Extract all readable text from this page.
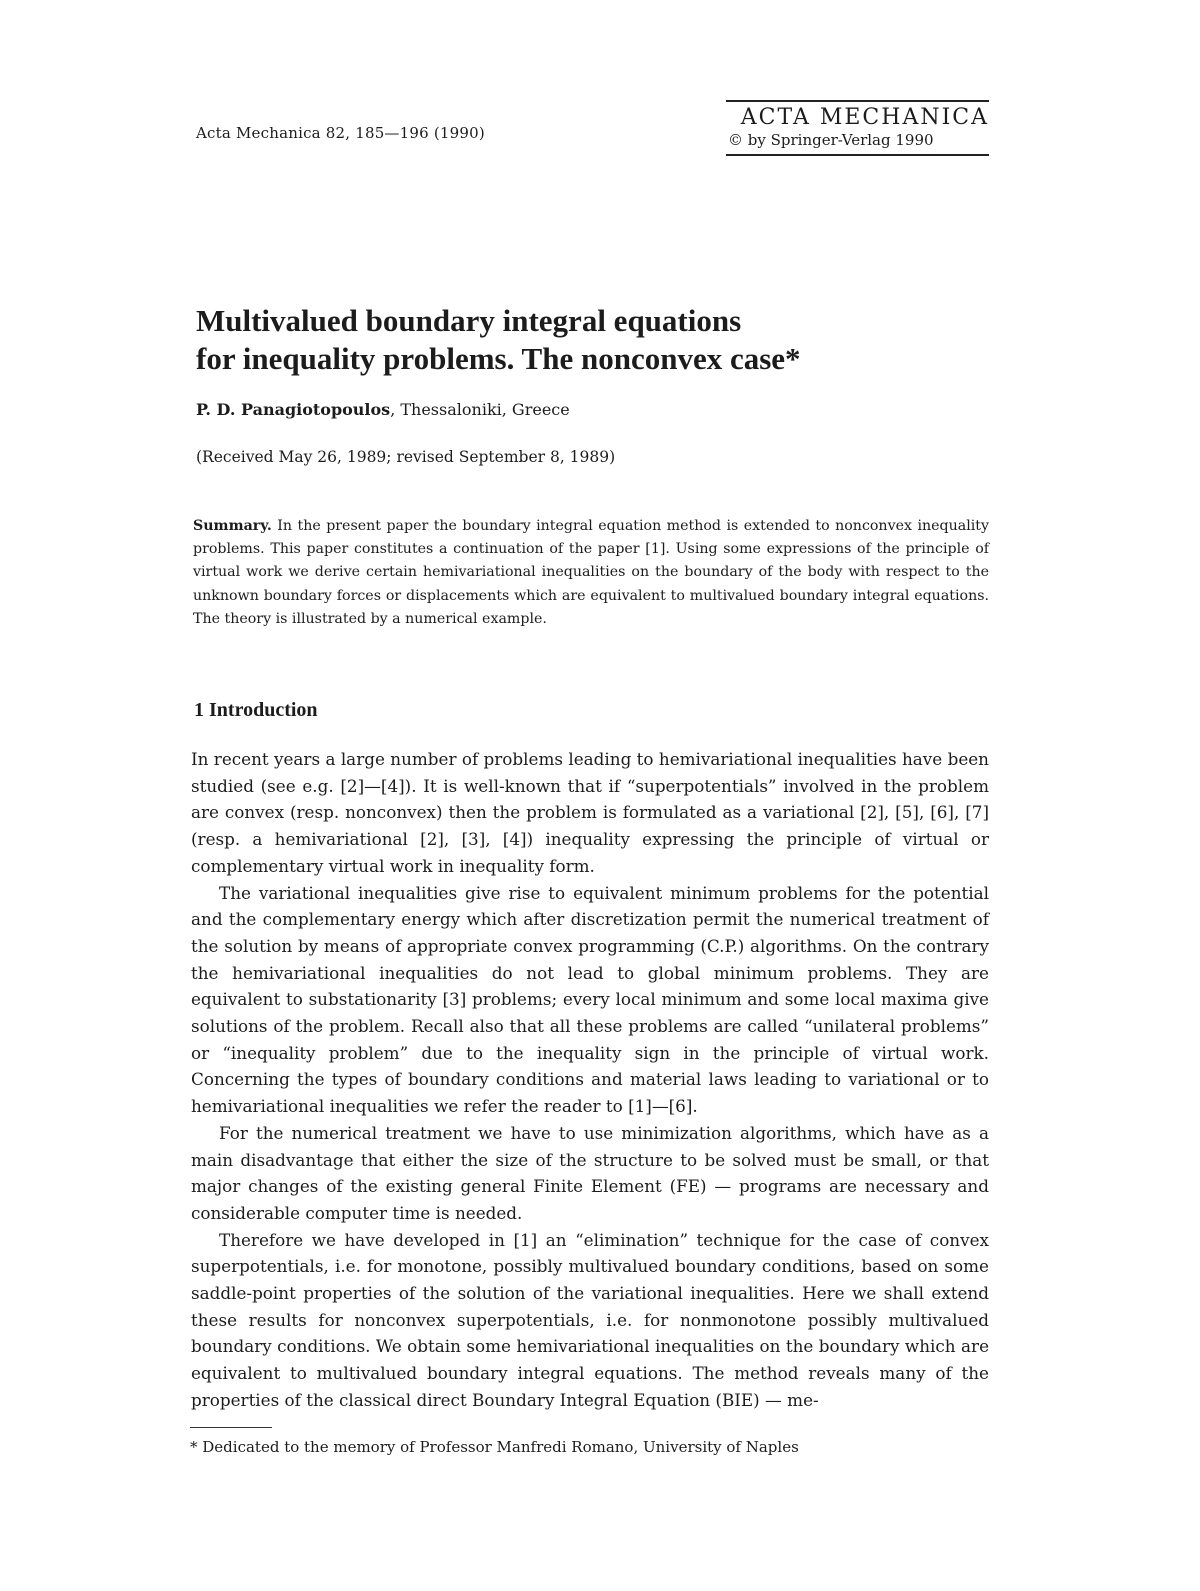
Acta Mechanica 82, 185—196 (1990)
ACTA MECHANICA
© by Springer-Verlag 1990
Multivalued boundary integral equations
for inequality problems. The nonconvex case*
P. D. Panagiotopoulos, Thessaloniki, Greece
(Received May 26, 1989; revised September 8, 1989)
Summary. In the present paper the boundary integral equation method is extended to nonconvex inequality problems. This paper constitutes a continuation of the paper [1]. Using some expressions of the principle of virtual work we derive certain hemivariational inequalities on the boundary of the body with respect to the unknown boundary forces or displacements which are equivalent to multivalued boundary integral equations. The theory is illustrated by a numerical example.
1 Introduction

In recent years a large number of problems leading to hemivariational inequalities have been studied (see e.g. [2]—[4]). It is well-known that if “superpotentials” involved in the problem are convex (resp. nonconvex) then the problem is formulated as a variational [2], [5], [6], [7] (resp. a hemivariational [2], [3], [4]) inequality expressing the principle of virtual or complementary virtual work in inequality form.

The variational inequalities give rise to equivalent minimum problems for the potential and the complementary energy which after discretization permit the numerical treatment of the solution by means of appropriate convex programming (C.P.) algorithms. On the contrary the hemivariational inequalities do not lead to global minimum problems. They are equivalent to substationarity [3] problems; every local minimum and some local maxima give solutions of the problem. Recall also that all these problems are called “unilateral problems” or “inequality problem” due to the inequality sign in the principle of virtual work. Concerning the types of boundary conditions and material laws leading to variational or to hemivariational inequalities we refer the reader to [1]—[6].

For the numerical treatment we have to use minimization algorithms, which have as a main disadvantage that either the size of the structure to be solved must be small, or that major changes of the existing general Finite Element (FE) — programs are necessary and considerable computer time is needed.

Therefore we have developed in [1] an “elimination” technique for the case of convex superpotentials, i.e. for monotone, possibly multivalued boundary conditions, based on some saddle-point properties of the solution of the variational inequalities. Here we shall extend these results for nonconvex superpotentials, i.e. for nonmonotone possibly multivalued boundary conditions. We obtain some hemivariational inequalities on the boundary which are equivalent to multivalued boundary integral equations. The method reveals many of the properties of the classical direct Boundary Integral Equation (BIE) — me-

* Dedicated to the memory of Professor Manfredi Romano, University of Naples
